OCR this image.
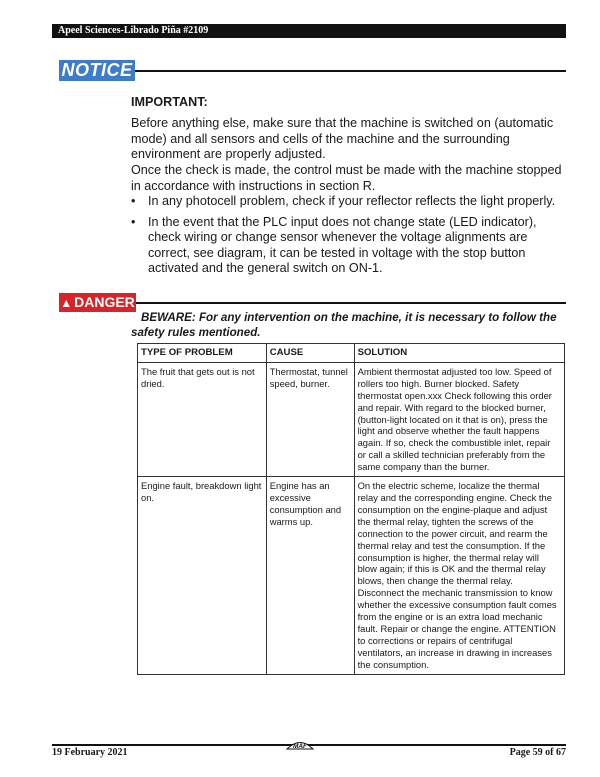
Apeel Sciences-Librado Piña #2109
NOTICE
IMPORTANT:
Before anything else, make sure that the machine is switched on (automatic mode) and all sensors and cells of the machine and the surrounding environment are properly adjusted.
Once the check is made, the control must be made with the machine stopped in accordance with instructions in section R.
• In any photocell problem, check if your reflector reflects the light properly.
• In the event that the PLC input does not change state (LED indicator), check wiring or change sensor whenever the voltage alignments are correct, see diagram, it can be tested in voltage with the stop button activated and the general switch on ON-1.
▲ DANGER
BEWARE: For any intervention on the machine, it is necessary to follow the safety rules mentioned.
TYPE OF PROBLEM	CAUSE	SOLUTION
The fruit that gets out is not dried.	Thermostat, tunnel speed, burner.	Ambient thermostat adjusted too low. Speed of rollers too high. Burner blocked. Safety thermostat open.xxx Check following this order and repair. With regard to the blocked burner, (button-light located on it that is on), press the light and observe whether the fault happens again. If so, check the combustible inlet, repair or call a skilled technician preferably from the same company than the burner.
Engine fault, breakdown light on.	Engine has an excessive consumption and warms up.	On the electric scheme, localize the thermal relay and the corresponding engine. Check the consumption on the engine-plaque and adjust the thermal relay, tighten the screws of the connection to the power circuit, and rearm the thermal relay and test the consumption. If the consumption is higher, the thermal relay will blow again; if this is OK and the thermal relay blows, then change the thermal relay. Disconnect the mechanic transmission to know whether the excessive consumption fault comes from the engine or is an extra load mechanic fault. Repair or change the engine. ATTENTION to corrections or repairs of centrifugal ventilators, an increase in drawing in increases the consumption.
19 February 2021
MAF
Page 59 of 67
